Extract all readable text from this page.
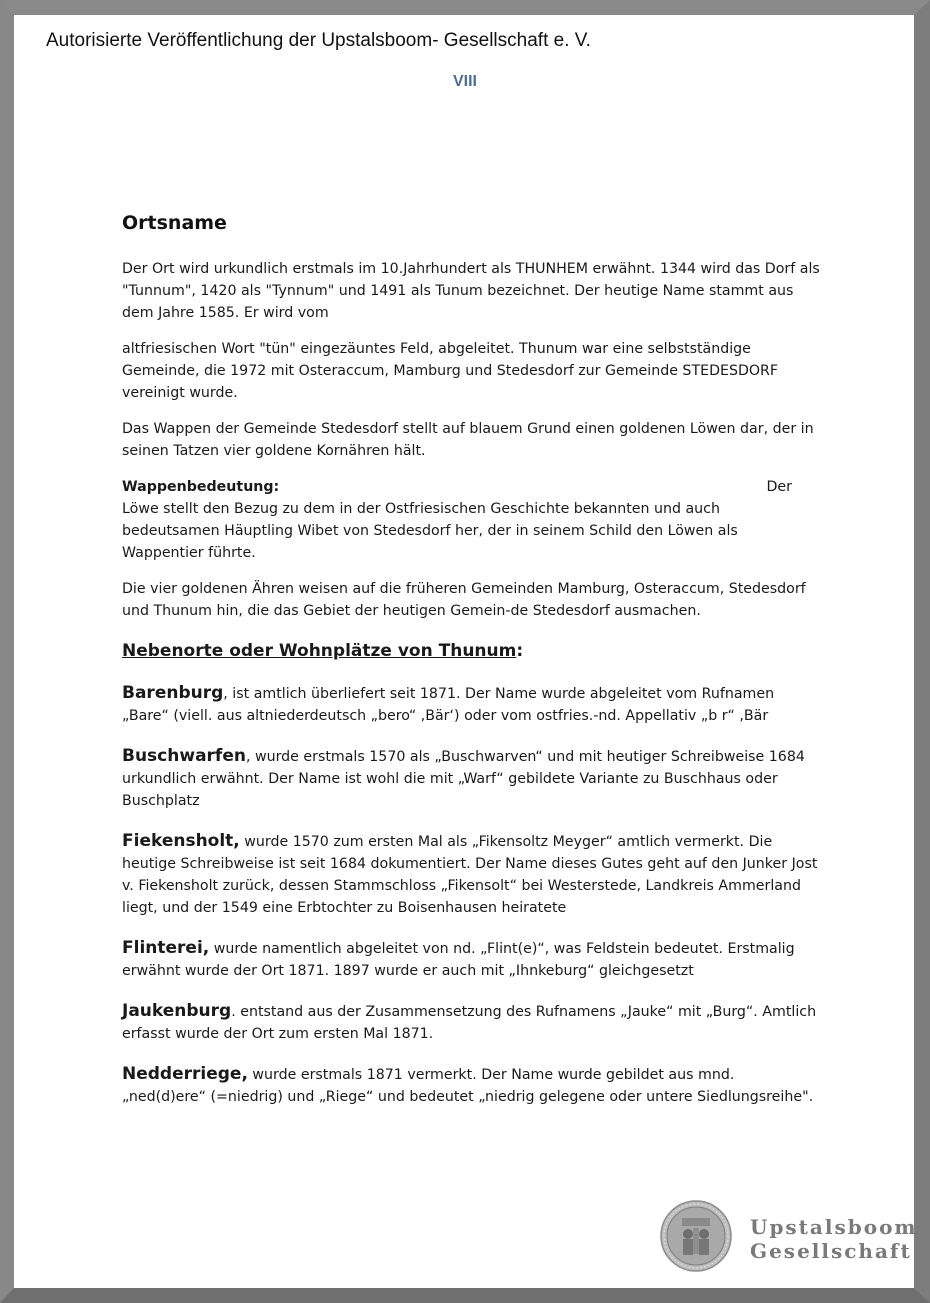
Autorisierte Veröffentlichung der Upstalsboom- Gesellschaft e. V.
VIII
Ortsname

Der Ort wird urkundlich erstmals im 10.Jahrhundert als THUNHEM erwähnt. 1344 wird das Dorf als "Tunnum", 1420 als "Tynnum" und 1491 als Tunum bezeichnet. Der heutige Name stammt aus dem Jahre 1585. Er wird vom

altfriesischen Wort "tün" eingezäuntes Feld, abgeleitet. Thunum war eine selbstständige Gemeinde, die 1972 mit Osteraccum, Mamburg und Stedesdorf zur Gemeinde STEDESDORF vereinigt wurde.

Das Wappen der Gemeinde Stedesdorf stellt auf blauem Grund einen goldenen Löwen dar, der in seinen Tatzen vier goldene Kornähren hält.

Wappenbedeutung:	Der

Löwe stellt den Bezug zu dem in der Ostfriesischen Geschichte bekannten und auch bedeutsamen Häuptling Wibet von Stedesdorf her, der in seinem Schild den Löwen als Wappentier führte.

Die vier goldenen Ähren weisen auf die früheren Gemeinden Mamburg, Osteraccum, Stedesdorf und Thunum hin, die das Gebiet der heutigen Gemein-de Stedesdorf ausmachen.

Nebenorte oder Wohnplätze von Thunum:

Barenburg, ist amtlich überliefert seit 1871. Der Name wurde abgeleitet vom Rufnamen „Bare“ (viell. aus altniederdeutsch „bero“ ,Bär‘) oder vom ostfries.-nd. Appellativ „b r“ ,Bär

Buschwarfen, wurde erstmals 1570 als „Buschwarven“ und mit heutiger Schreibweise 1684 urkundlich erwähnt. Der Name ist wohl die mit „Warf“ gebildete Variante zu Buschhaus oder Buschplatz

Fiekensholt, wurde 1570 zum ersten Mal als „Fikensoltz Meyger“ amtlich vermerkt. Die heutige Schreibweise ist seit 1684 dokumentiert. Der Name dieses Gutes geht auf den Junker Jost v. Fiekensholt zurück, dessen Stammschloss „Fikensolt“ bei Westerstede, Landkreis Ammerland liegt, und der 1549 eine Erbtochter zu Boisenhausen heiratete

Flinterei, wurde namentlich abgeleitet von nd. „Flint(e)“, was Feldstein bedeutet. Erstmalig erwähnt wurde der Ort 1871. 1897 wurde er auch mit „Ihnkeburg“ gleichgesetzt

Jaukenburg. entstand aus der Zusammensetzung des Rufnamens „Jauke“ mit „Burg“. Amtlich erfasst wurde der Ort zum ersten Mal 1871.

Nedderriege, wurde erstmals 1871 vermerkt. Der Name wurde gebildet aus mnd. „ned(d)ere“ (=niedrig) und „Riege“ und bedeutet „niedrig gelegene oder untere Siedlungsreihe".

Upstalsboom
Gesellschaft
